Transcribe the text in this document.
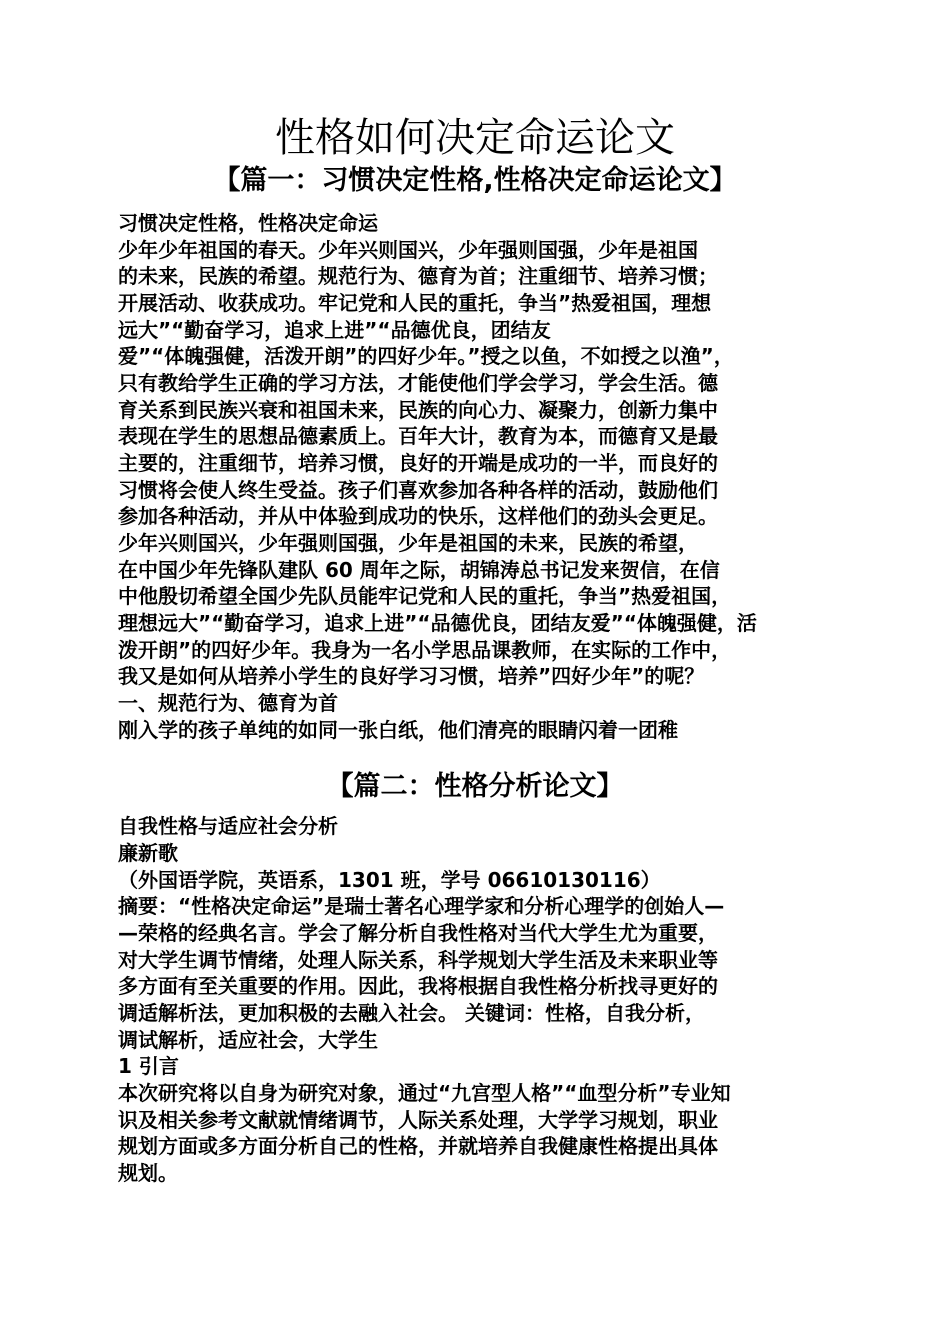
性格如何决定命运论文
【篇一：习惯决定性格,性格决定命运论文】

习惯决定性格，性格决定命运

少年少年祖国的春天。少年兴则国兴，少年强则国强，少年是祖国

的未来，民族的希望。规范行为、德育为首；注重细节、培养习惯；

开展活动、收获成功。牢记党和人民的重托，争当”热爱祖国，理想

远大”“勤奋学习，追求上进”“品德优良，团结友

爱”“体魄强健，活泼开朗”的四好少年。”授之以鱼，不如授之以渔”，

只有教给学生正确的学习方法，才能使他们学会学习，学会生活。德

育关系到民族兴衰和祖国未来，民族的向心力、凝聚力，创新力集中

表现在学生的思想品德素质上。百年大计，教育为本，而德育又是最

主要的，注重细节，培养习惯，良好的开端是成功的一半，而良好的

习惯将会使人终生受益。孩子们喜欢参加各种各样的活动，鼓励他们

参加各种活动，并从中体验到成功的快乐，这样他们的劲头会更足。

少年兴则国兴，少年强则国强，少年是祖国的未来，民族的希望，

在中国少年先锋队建队 60 周年之际，胡锦涛总书记发来贺信，在信

中他殷切希望全国少先队员能牢记党和人民的重托，争当”热爱祖国，

理想远大”“勤奋学习，追求上进”“品德优良，团结友爱”“体魄强健，活

泼开朗”的四好少年。我身为一名小学思品课教师，在实际的工作中，

我又是如何从培养小学生的良好学习习惯，培养”四好少年”的呢？

一、规范行为、德育为首

刚入学的孩子单纯的如同一张白纸，他们清亮的眼睛闪着一团稚

【篇二：性格分析论文】

自我性格与适应社会分析

廉新歌

（外国语学院，英语系，1301 班，学号 06610130116）

摘要：“性格决定命运”是瑞士著名心理学家和分析心理学的创始人—

—荣格的经典名言。学会了解分析自我性格对当代大学生尤为重要，

对大学生调节情绪，处理人际关系，科学规划大学生活及未来职业等

多方面有至关重要的作用。因此，我将根据自我性格分析找寻更好的

调适解析法，更加积极的去融入社会。 关键词：性格，自我分析，

调试解析，适应社会，大学生

1 引言

本次研究将以自身为研究对象，通过“九宫型人格”“血型分析”专业知

识及相关参考文献就情绪调节，人际关系处理，大学学习规划，职业

规划方面或多方面分析自己的性格，并就培养自我健康性格提出具体

规划。
